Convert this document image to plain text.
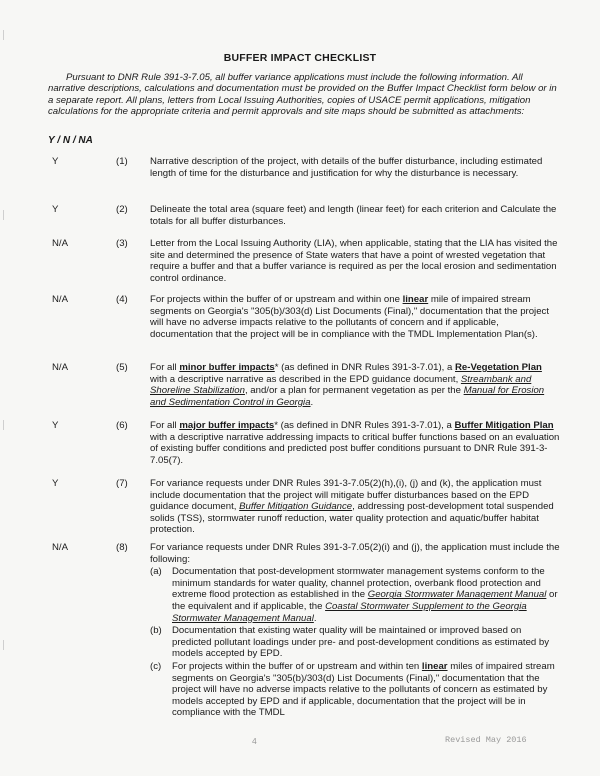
BUFFER IMPACT CHECKLIST
Pursuant to DNR Rule 391-3-7.05, all buffer variance applications must include the following information. All narrative descriptions, calculations and documentation must be provided on the Buffer Impact Checklist form below or in a separate report. All plans, letters from Local Issuing Authorities, copies of USACE permit applications, mitigation calculations for the appropriate criteria and permit approvals and site maps should be submitted as attachments:
Y / N / NA
Y	(1)	Narrative description of the project, with details of the buffer disturbance, including estimated length of time for the disturbance and justification for why the disturbance is necessary.
Y	(2)	Delineate the total area (square feet) and length (linear feet) for each criterion and Calculate the totals for all buffer disturbances.
N/A	(3)	Letter from the Local Issuing Authority (LIA), when applicable, stating that the LIA has visited the site and determined the presence of State waters that have a point of wrested vegetation that require a buffer and that a buffer variance is required as per the local erosion and sedimentation control ordinance.
N/A	(4)	For projects within the buffer of or upstream and within one linear mile of impaired stream segments on Georgia's "305(b)/303(d) List Documents (Final)," documentation that the project will have no adverse impacts relative to the pollutants of concern and if applicable, documentation that the project will be in compliance with the TMDL Implementation Plan(s).
N/A	(5)	For all minor buffer impacts* (as defined in DNR Rules 391-3-7.01), a Re-Vegetation Plan with a descriptive narrative as described in the EPD guidance document, Streambank and Shoreline Stabilization, and/or a plan for permanent vegetation as per the Manual for Erosion and Sedimentation Control in Georgia.
Y	(6)	For all major buffer impacts* (as defined in DNR Rules 391-3-7.01), a Buffer Mitigation Plan with a descriptive narrative addressing impacts to critical buffer functions based on an evaluation of existing buffer conditions and predicted post buffer conditions pursuant to DNR Rule 391-3-7.05(7).
Y	(7)	For variance requests under DNR Rules 391-3-7.05(2)(h),(i), (j) and (k), the application must include documentation that the project will mitigate buffer disturbances based on the EPD guidance document, Buffer Mitigation Guidance, addressing post-development total suspended solids (TSS), stormwater runoff reduction, water quality protection and aquatic/buffer habitat protection.
N/A	(8)	For variance requests under DNR Rules 391-3-7.05(2)(i) and (j), the application must include the following:
(a) Documentation that post-development stormwater management systems conform to the minimum standards for water quality, channel protection, overbank flood protection and extreme flood protection as established in the Georgia Stormwater Management Manual or the equivalent and if applicable, the Coastal Stormwater Supplement to the Georgia Stormwater Management Manual.
(b) Documentation that existing water quality will be maintained or improved based on predicted pollutant loadings under pre- and post-development conditions as estimated by models accepted by EPD.
(c) For projects within the buffer of or upstream and within ten linear miles of impaired stream segments on Georgia's "305(b)/303(d) List Documents (Final)," documentation that the project will have no adverse impacts relative to the pollutants of concern as estimated by models accepted by EPD and if applicable, documentation that the project will be in compliance with the TMDL
4	Revised May 2016
